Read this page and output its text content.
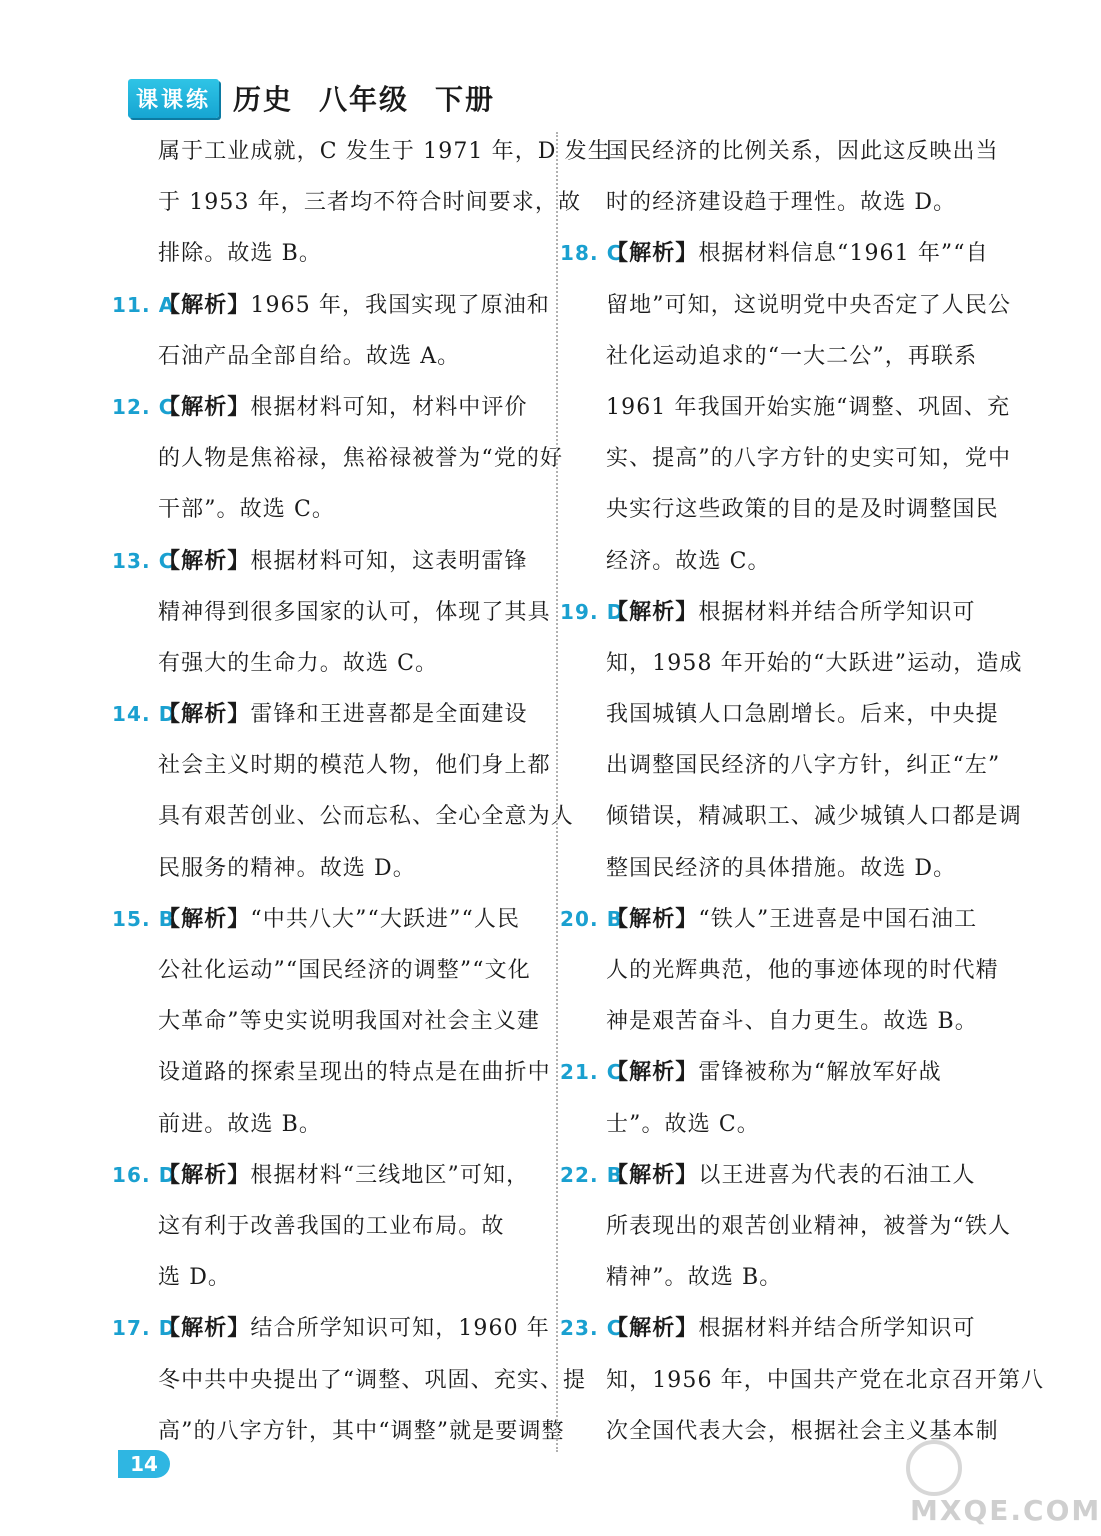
课课练 历史 八年级 下册
属于工业成就，C 发生于 1971 年，D 发生
于 1953 年，三者均不符合时间要求，故
排除。故选 B。
11. A【解析】1965 年，我国实现了原油和
石油产品全部自给。故选 A。
12. C【解析】根据材料可知，材料中评价
的人物是焦裕禄，焦裕禄被誉为“党的好
干部”。故选 C。
13. C【解析】根据材料可知，这表明雷锋
精神得到很多国家的认可，体现了其具
有强大的生命力。故选 C。
14. D【解析】雷锋和王进喜都是全面建设
社会主义时期的模范人物，他们身上都
具有艰苦创业、公而忘私、全心全意为人
民服务的精神。故选 D。
15. B【解析】“中共八大”“大跃进”“人民
公社化运动”“国民经济的调整”“文化
大革命”等史实说明我国对社会主义建
设道路的探索呈现出的特点是在曲折中
前进。故选 B。
16. D【解析】根据材料“三线地区”可知，
这有利于改善我国的工业布局。故
选 D。
17. D【解析】结合所学知识可知，1960 年
冬中共中央提出了“调整、巩固、充实、提
高”的八字方针，其中“调整”就是要调整
国民经济的比例关系，因此这反映出当
时的经济建设趋于理性。故选 D。
18. C【解析】根据材料信息“1961 年”“自
留地”可知，这说明党中央否定了人民公
社化运动追求的“一大二公”，再联系
1961 年我国开始实施“调整、巩固、充
实、提高”的八字方针的史实可知，党中
央实行这些政策的目的是及时调整国民
经济。故选 C。
19. D【解析】根据材料并结合所学知识可
知，1958 年开始的“大跃进”运动，造成
我国城镇人口急剧增长。后来，中央提
出调整国民经济的八字方针，纠正“左”
倾错误，精减职工、减少城镇人口都是调
整国民经济的具体措施。故选 D。
20. B【解析】“铁人”王进喜是中国石油工
人的光辉典范，他的事迹体现的时代精
神是艰苦奋斗、自力更生。故选 B。
21. C【解析】雷锋被称为“解放军好战
士”。故选 C。
22. B【解析】以王进喜为代表的石油工人
所表现出的艰苦创业精神，被誉为“铁人
精神”。故选 B。
23. C【解析】根据材料并结合所学知识可
知，1956 年，中国共产党在北京召开第八
次全国代表大会，根据社会主义基本制
14
MXQE.COM
